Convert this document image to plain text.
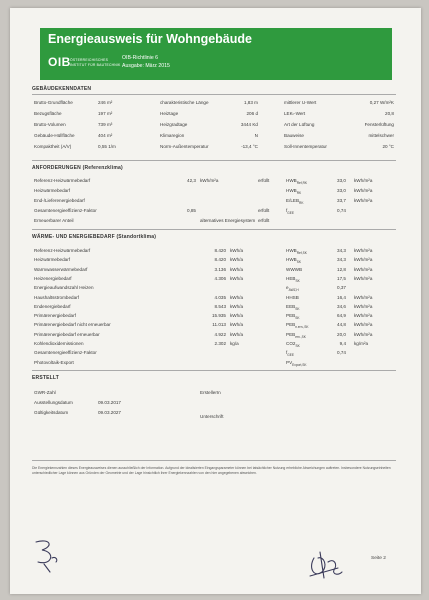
Energieausweis für Wohngebäude
OIB ÖSTERREICHISCHES
INSTITUT FÜR BAUTECHNIK
OIB-Richtlinie 6
Ausgabe: März 2015
GEBÄUDEKENNDATEN
ANFORDERUNGEN (Referenzklima)
WÄRME- UND ENERGIEBEDARF (Standortklima)
ERSTELLT
Die Energiekennzahlen dieses Energieausweises dienen ausschließlich der Information. Aufgrund der idealisierten Eingangsparameter können bei tatsächlicher Nutzung erhebliche Abweichungen auftreten. Insbesondere Nutzungseinheiten unterschiedlicher Lage können aus Gründen der Geometrie und der Lage hinsichtlich ihrer Energiekennzahlen von den hier angegebenen abweichen.
Seite 2
Brutto-Grundfläche	246 m²	charakteristische Länge	1,83 m	mittlerer U-Wert	0,27 W/m²K
Bezugsfläche	197 m²	Heiztage	206 d	LEKₜ-Wert	20,8
Brutto-Volumen	739 m³	Heizgradtage	3444 Kd	Art der Lüftung	Fensterlüftung
Gebäude-Hüllfläche	404 m²	Klimaregion	N	Bauweise	mittelschwer
Kompaktheit (A/V)	0,55 1/m	Norm-Außentemperatur	-13,4 °C	Soll-Innentemperatur	20 °C
Referenz-Heizwärmebedarf	42,3 kWh/m²a	erfüllt	$HWB_{Ref,RK}$	33,0 kWh/m²a
Heizwärmebedarf	$HWB_{RK}$	33,0 kWh/m²a
End-/Lieferenergiebedarf	$E/LEB_{RK}$	33,7 kWh/m²a
Gesamtenergieeffizienz-Faktor	0,85	erfüllt	$f_{GEE}$	0,74
Erneuerbarer Anteil	alternatives Energiesystem erfüllt
Referenz-Heizwärmebedarf	8.420 kWh/a	$HWB_{Ref,SK}$	34,3 kWh/m²a
Heizwärmebedarf	8.420 kWh/a	$HWB_{SK}$	34,3 kWh/m²a
Warmwasserwärmebedarf	3.136 kWh/a	WWWB	12,8 kWh/m²a
Heizenergiebedarf	4.306 kWh/a	$HEB_{SK}$	17,5 kWh/m²a
Energieaufwandszahl Heizen	$e_{AWZ,H}$	0,37
Haushaltsstrombedarf	4.035 kWh/a	HHSB	16,4 kWh/m²a
Endenergiebedarf	8.543 kWh/a	$EEB_{SK}$	34,6 kWh/m²a
Primärenergiebedarf	15.935 kWh/a	$PEB_{SK}$	64,9 kWh/m²a
Primärenergiebedarf nicht erneuerbar	11.013 kWh/a	$PEB_{n.ern.,SK}$	44,8 kWh/m²a
Primärenergiebedarf erneuerbar	4.922 kWh/a	$PEB_{ern.,SK}$	20,0 kWh/m²a
Kohlendioxidemissionen	2.302 kg/a	$CO2_{SK}$	9,4 kg/m²a
Gesamtenergieeffizienz-Faktor	$f_{GEE}$	0,74
Photovoltaik-Export	$PV_{Export,SK}$
GWR-Zahl	ErstellerIn
Ausstellungsdatum	09.03.2017
Gültigkeitsdatum	09.03.2027
Unterschrift
